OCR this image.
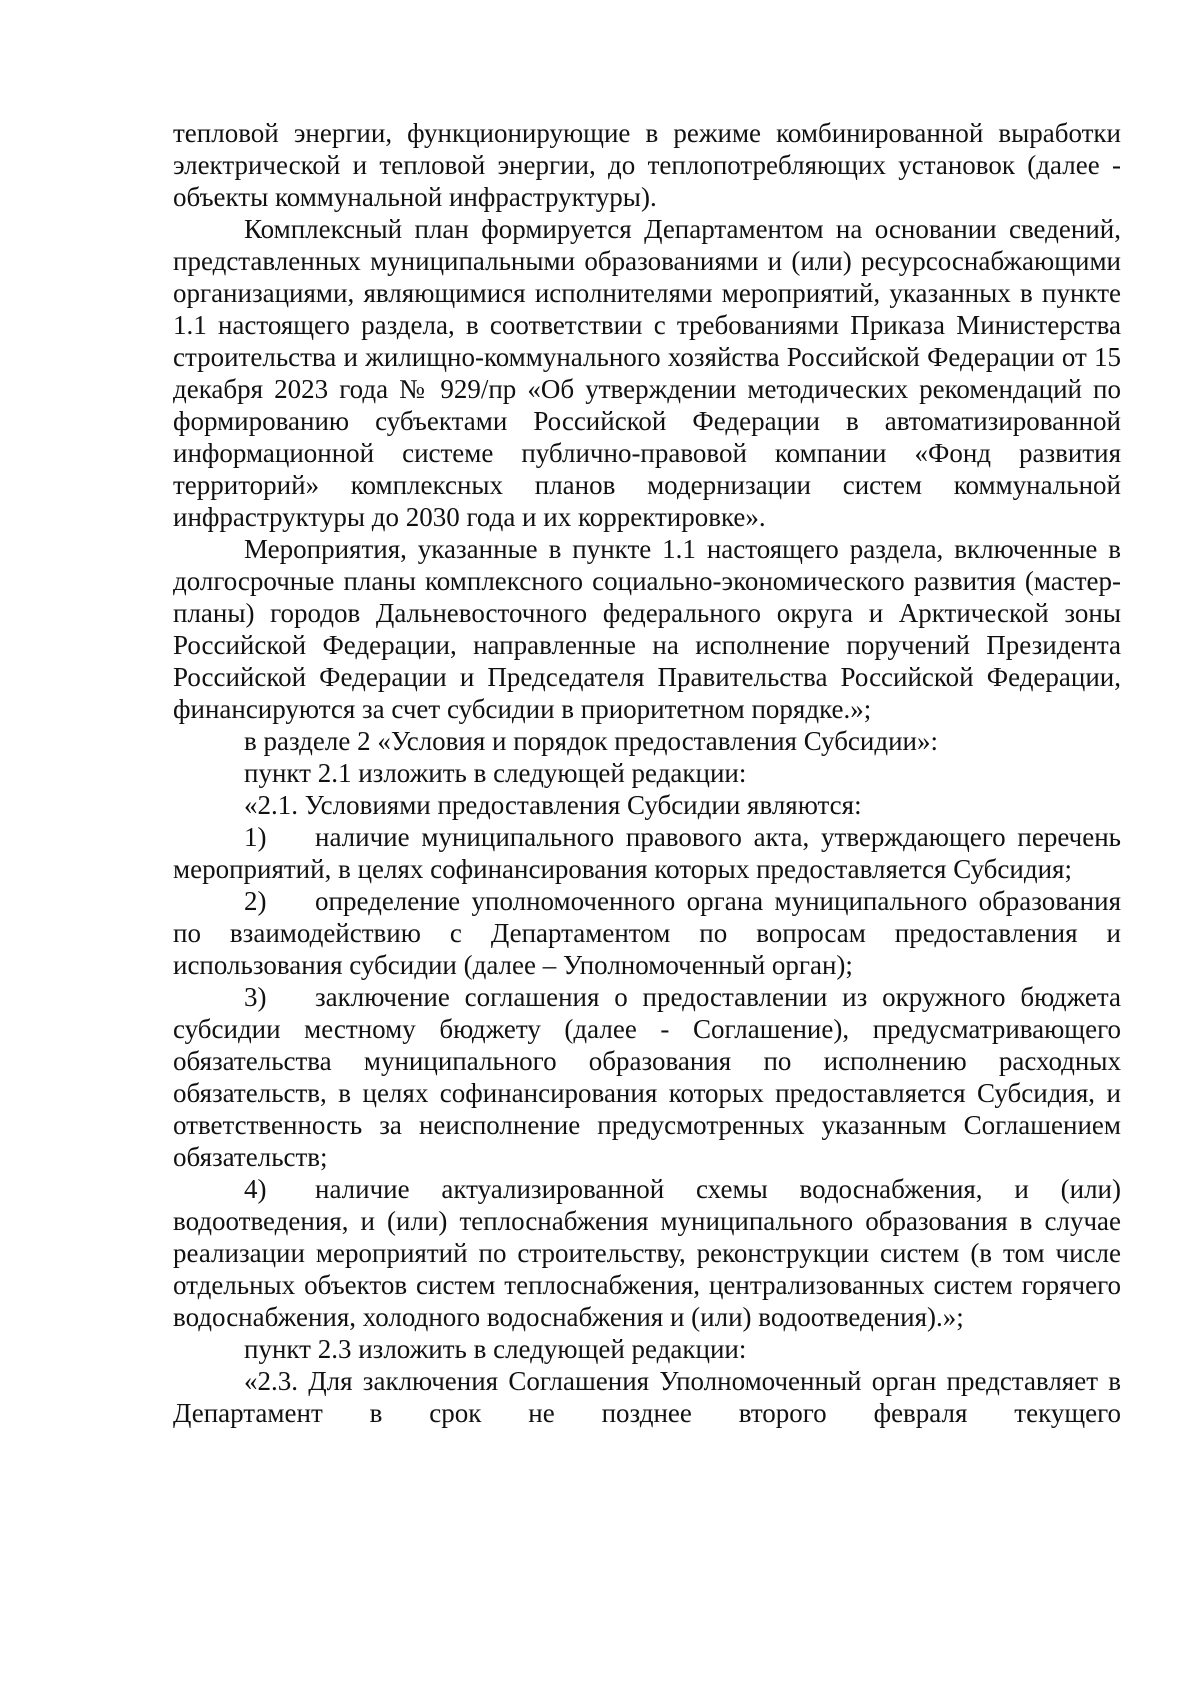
тепловой энергии, функционирующие в режиме комбинированной выработки электрической и тепловой энергии, до теплопотребляющих установок (далее - объекты коммунальной инфраструктуры).

Комплексный план формируется Департаментом на основании сведений, представленных муниципальными образованиями и (или) ресурсоснабжающими организациями, являющимися исполнителями мероприятий, указанных в пункте 1.1 настоящего раздела, в соответствии с требованиями Приказа Министерства строительства и жилищно-коммунального хозяйства Российской Федерации от 15 декабря 2023 года № 929/пр «Об утверждении методических рекомендаций по формированию субъектами Российской Федерации в автоматизированной информационной системе публично-правовой компании «Фонд развития территорий» комплексных планов модернизации систем коммунальной инфраструктуры до 2030 года и их корректировке».

Мероприятия, указанные в пункте 1.1 настоящего раздела, включенные в долгосрочные планы комплексного социально-экономического развития (мастер-планы) городов Дальневосточного федерального округа и Арктической зоны Российской Федерации, направленные на исполнение поручений Президента Российской Федерации и Председателя Правительства Российской Федерации, финансируются за счет субсидии в приоритетном порядке.»;

в разделе 2 «Условия и порядок предоставления Субсидии»:

пункт 2.1 изложить в следующей редакции:

«2.1. Условиями предоставления Субсидии являются:

1) наличие муниципального правового акта, утверждающего перечень мероприятий, в целях софинансирования которых предоставляется Субсидия;

2) определение уполномоченного органа муниципального образования по взаимодействию с Департаментом по вопросам предоставления и использования субсидии (далее – Уполномоченный орган);

3) заключение соглашения о предоставлении из окружного бюджета субсидии местному бюджету (далее - Соглашение), предусматривающего обязательства муниципального образования по исполнению расходных обязательств, в целях софинансирования которых предоставляется Субсидия, и ответственность за неисполнение предусмотренных указанным Соглашением обязательств;

4) наличие актуализированной схемы водоснабжения, и (или) водоотведения, и (или) теплоснабжения муниципального образования в случае реализации мероприятий по строительству, реконструкции систем (в том числе отдельных объектов систем теплоснабжения, централизованных систем горячего водоснабжения, холодного водоснабжения и (или) водоотведения).»;

пункт 2.3 изложить в следующей редакции:

«2.3. Для заключения Соглашения Уполномоченный орган представляет в Департамент в срок не позднее второго февраля текущего
